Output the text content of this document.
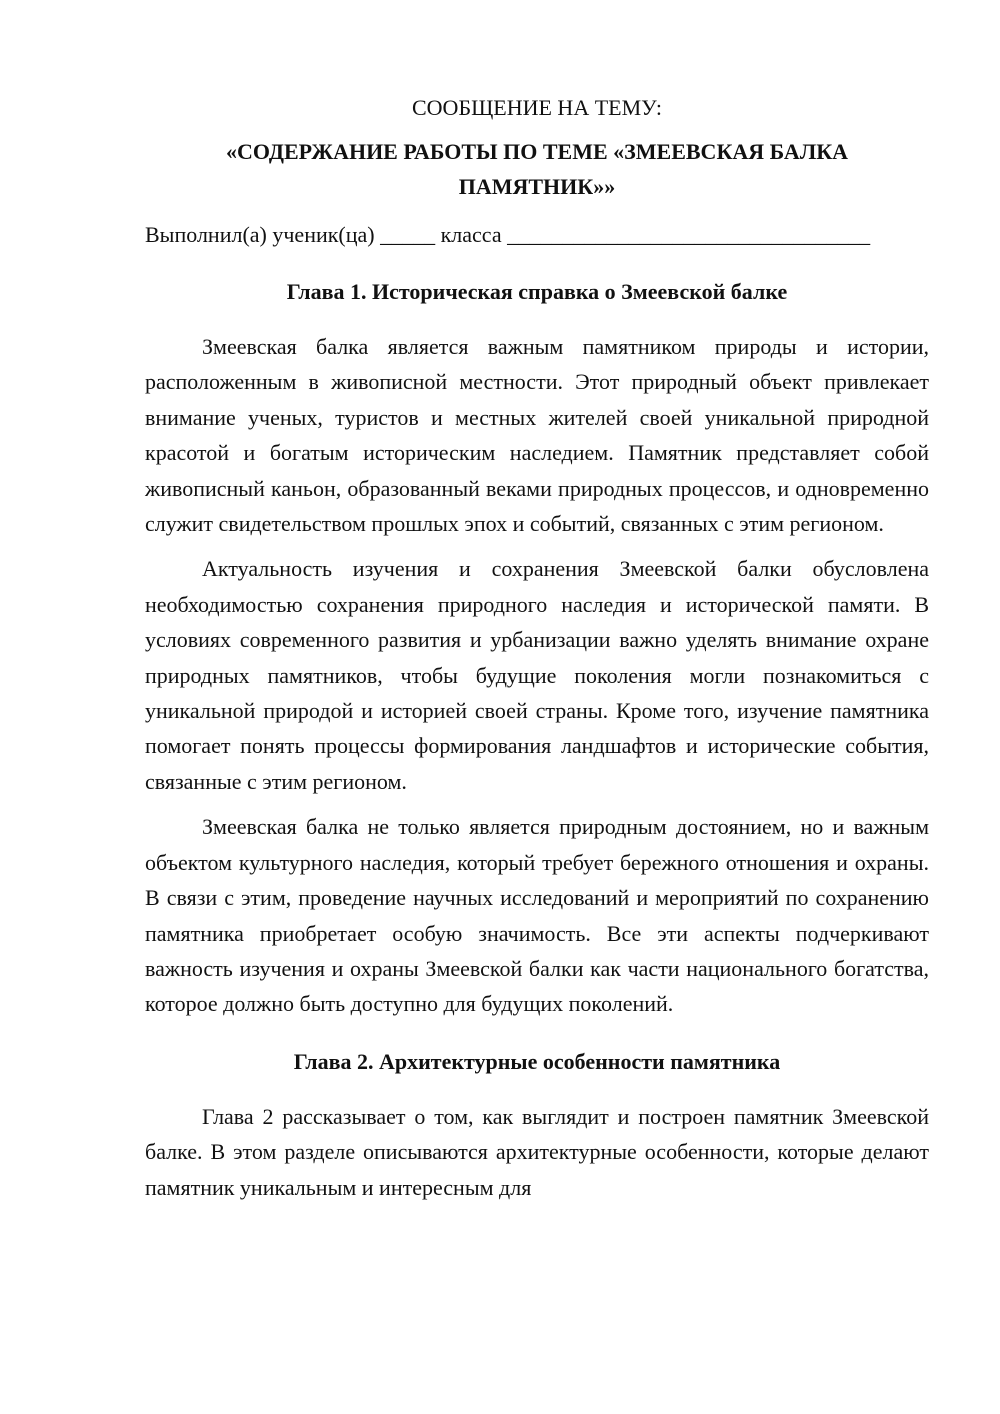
СООБЩЕНИЕ НА ТЕМУ:
«СОДЕРЖАНИЕ РАБОТЫ ПО ТЕМЕ «ЗМЕЕВСКАЯ БАЛКА ПАМЯТНИК»»
Выполнил(а) ученик(ца) _____ класса _________________________________
Глава 1. Историческая справка о Змеевской балке

Змеевская балка является важным памятником природы и истории, расположенным в живописной местности. Этот природный объект привлекает внимание ученых, туристов и местных жителей своей уникальной природной красотой и богатым историческим наследием. Памятник представляет собой живописный каньон, образованный веками природных процессов, и одновременно служит свидетельством прошлых эпох и событий, связанных с этим регионом.

Актуальность изучения и сохранения Змеевской балки обусловлена необходимостью сохранения природного наследия и исторической памяти. В условиях современного развития и урбанизации важно уделять внимание охране природных памятников, чтобы будущие поколения могли познакомиться с уникальной природой и историей своей страны. Кроме того, изучение памятника помогает понять процессы формирования ландшафтов и исторические события, связанные с этим регионом.

Змеевская балка не только является природным достоянием, но и важным объектом культурного наследия, который требует бережного отношения и охраны. В связи с этим, проведение научных исследований и мероприятий по сохранению памятника приобретает особую значимость. Все эти аспекты подчеркивают важность изучения и охраны Змеевской балки как части национального богатства, которое должно быть доступно для будущих поколений.

Глава 2. Архитектурные особенности памятника

Глава 2 рассказывает о том, как выглядит и построен памятник Змеевской балке. В этом разделе описываются архитектурные особенности, которые делают памятник уникальным и интересным для
